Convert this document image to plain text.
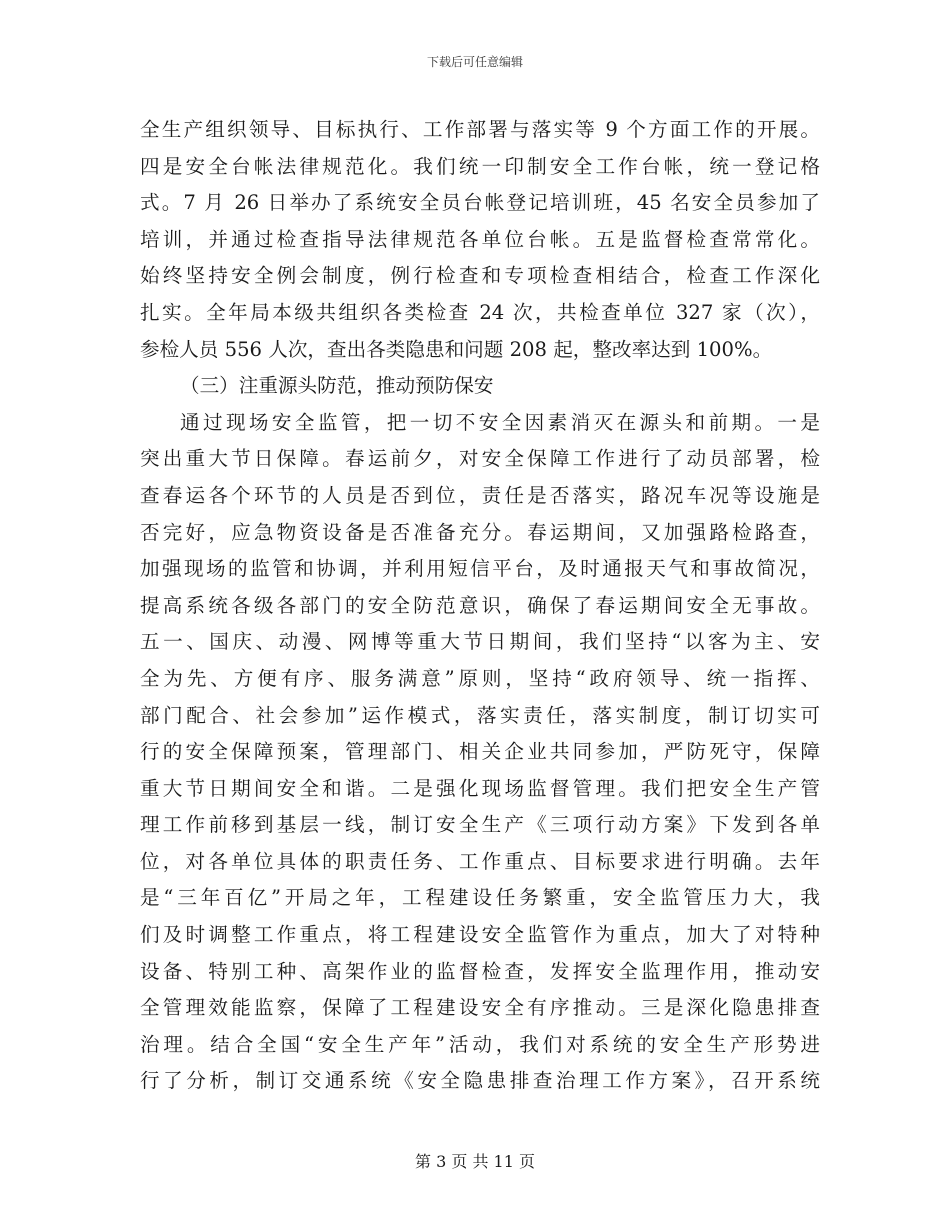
下载后可任意编辑
全生产组织领导、目标执行、工作部署与落实等 9 个方面工作的开展。
四是安全台帐法律规范化。我们统一印制安全工作台帐，统一登记格
式。7 月 26 日举办了系统安全员台帐登记培训班，45 名安全员参加了
培训，并通过检查指导法律规范各单位台帐。五是监督检查常常化。
始终坚持安全例会制度，例行检查和专项检查相结合，检查工作深化
扎实。全年局本级共组织各类检查 24 次，共检查单位 327 家（次），
参检人员 556 人次，查出各类隐患和问题 208 起，整改率达到 100%。
（三）注重源头防范，推动预防保安
通过现场安全监管，把一切不安全因素消灭在源头和前期。一是
突出重大节日保障。春运前夕，对安全保障工作进行了动员部署，检
查春运各个环节的人员是否到位，责任是否落实，路况车况等设施是
否完好，应急物资设备是否准备充分。春运期间，又加强路检路查，
加强现场的监管和协调，并利用短信平台，及时通报天气和事故简况，
提高系统各级各部门的安全防范意识，确保了春运期间安全无事故。
五一、国庆、动漫、网博等重大节日期间，我们坚持“以客为主、安
全为先、方便有序、服务满意”原则，坚持“政府领导、统一指挥、
部门配合、社会参加”运作模式，落实责任，落实制度，制订切实可
行的安全保障预案，管理部门、相关企业共同参加，严防死守，保障
重大节日期间安全和谐。二是强化现场监督管理。我们把安全生产管
理工作前移到基层一线，制订安全生产《三项行动方案》下发到各单
位，对各单位具体的职责任务、工作重点、目标要求进行明确。去年
是“三年百亿”开局之年，工程建设任务繁重，安全监管压力大，我
们及时调整工作重点，将工程建设安全监管作为重点，加大了对特种
设备、特别工种、高架作业的监督检查，发挥安全监理作用，推动安
全管理效能监察，保障了工程建设安全有序推动。三是深化隐患排查
治理。结合全国“安全生产年”活动，我们对系统的安全生产形势进
行了分析，制订交通系统《安全隐患排查治理工作方案》，召开系统
第 3 页 共 11 页
